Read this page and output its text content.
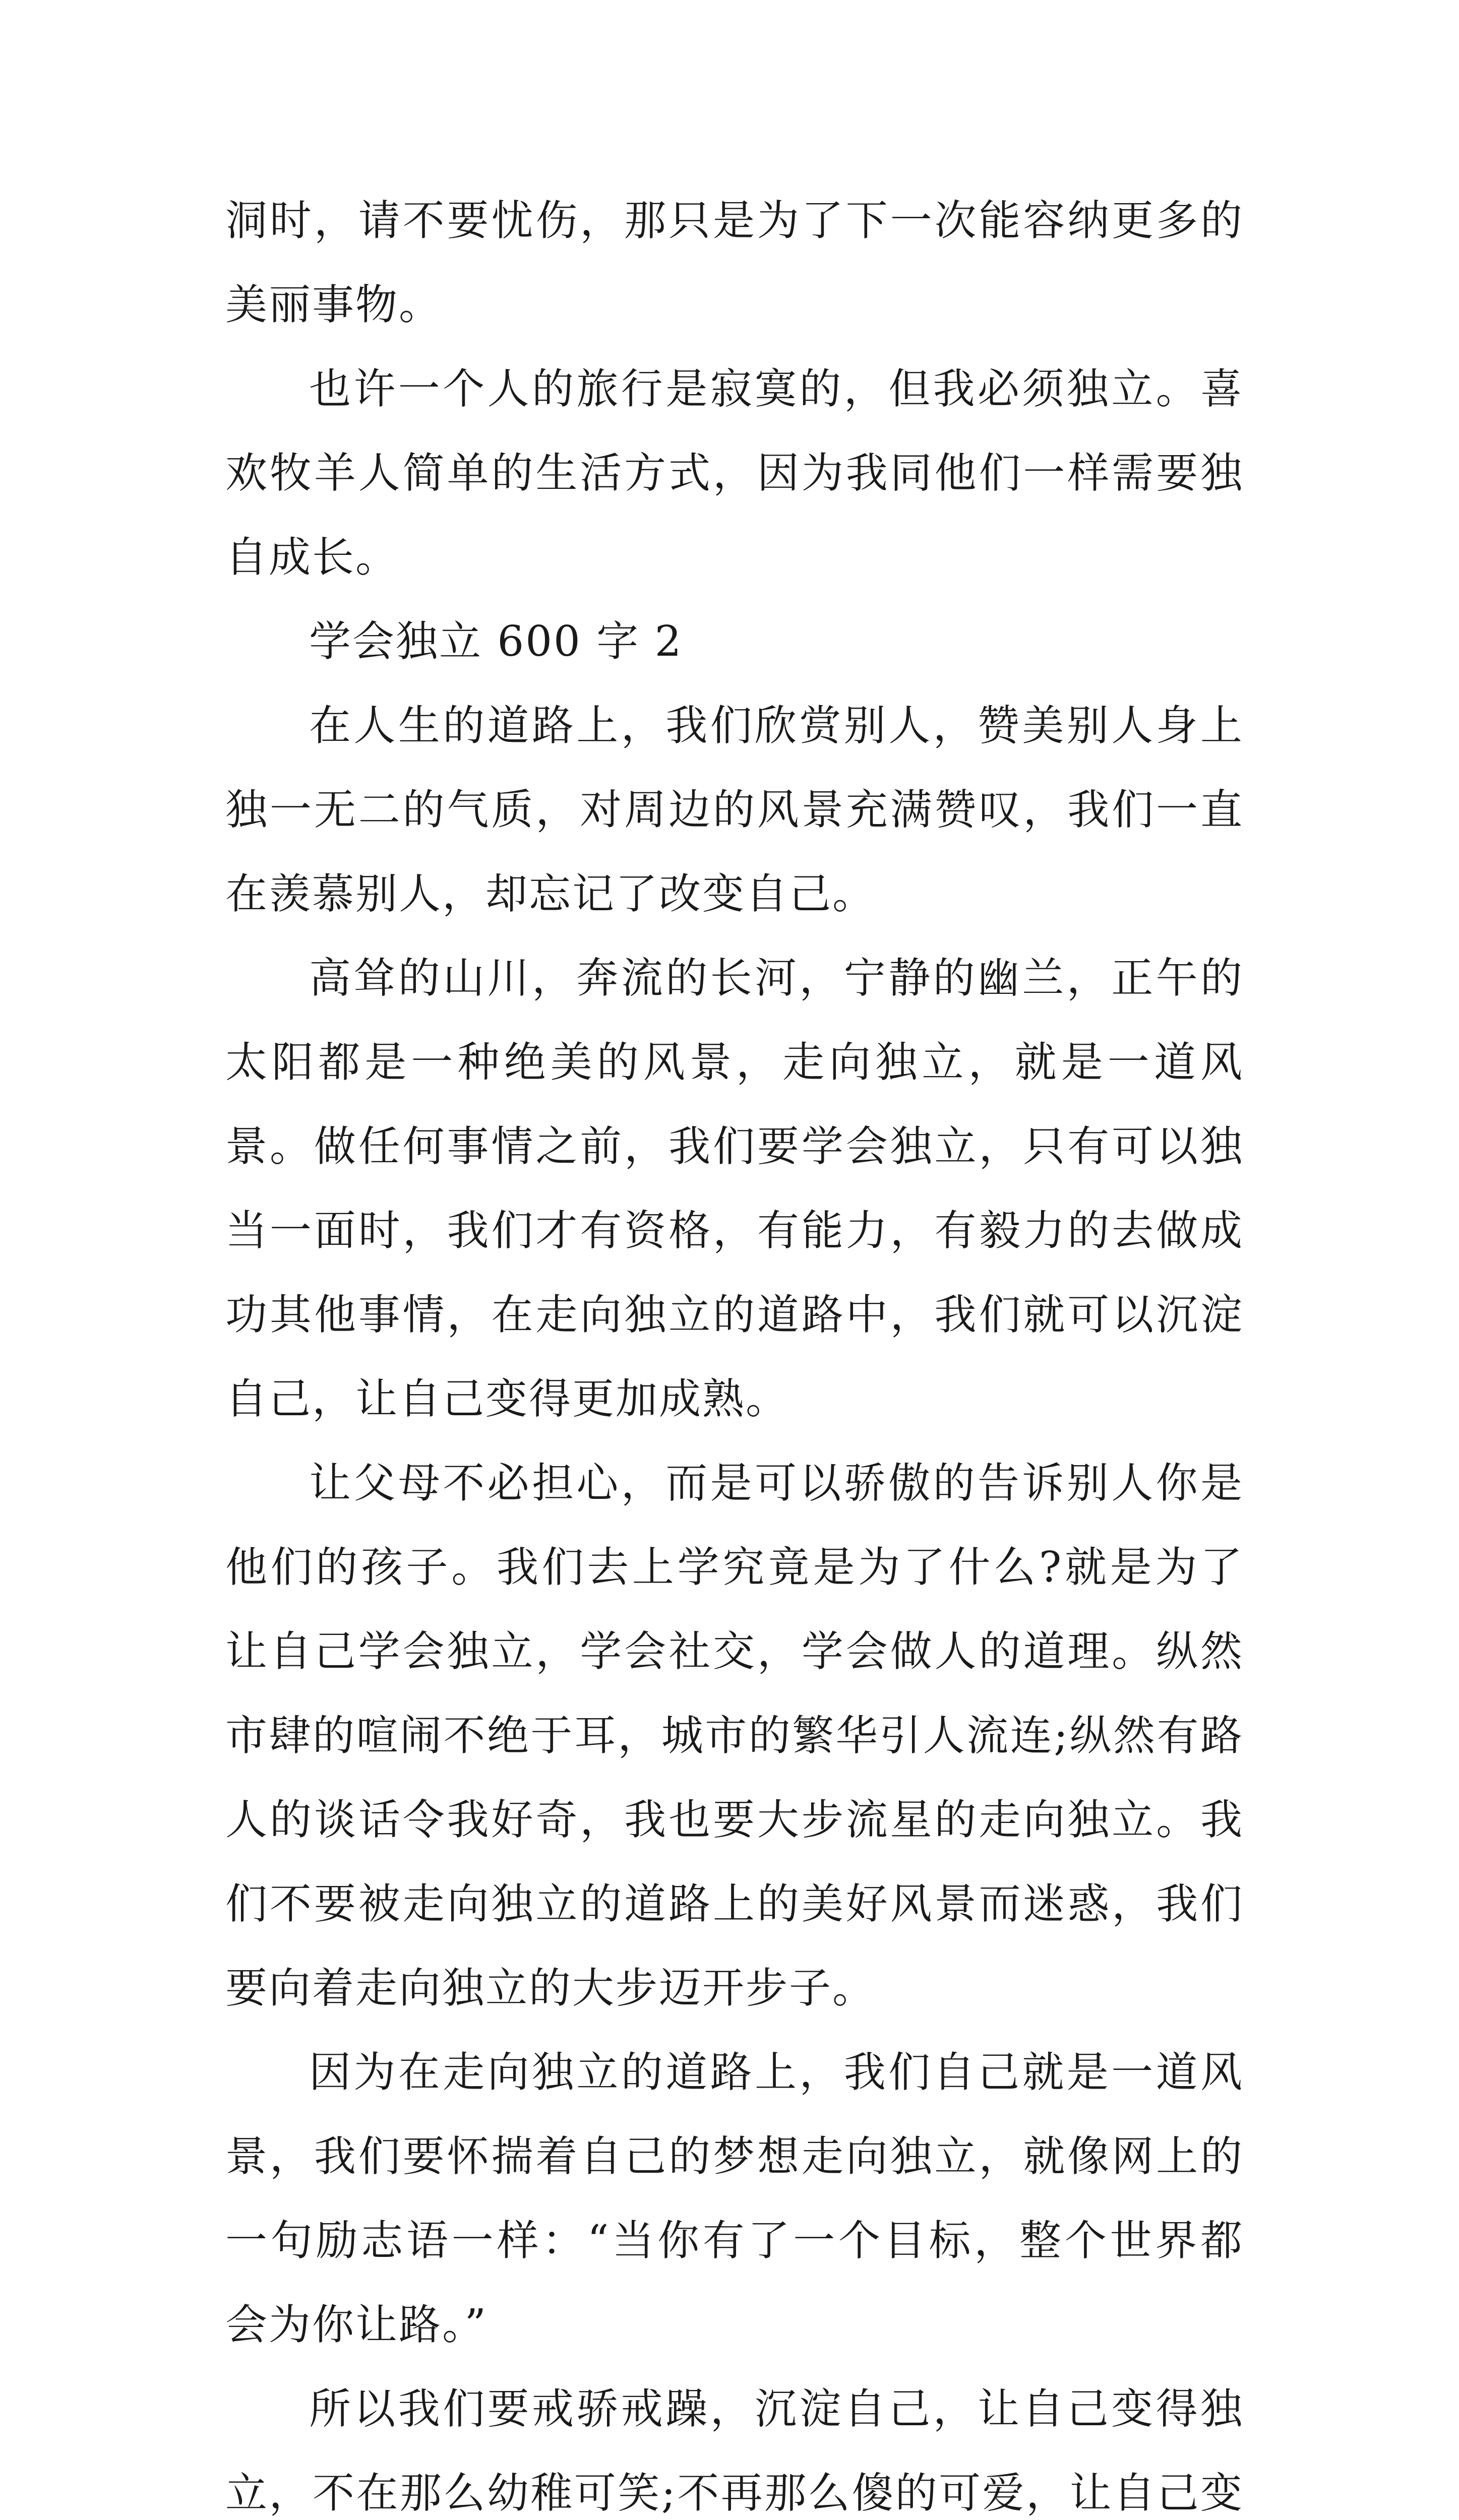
洞时，请不要忧伤，那只是为了下一次能容纳更多的美丽事物。

也许一个人的旅行是寂寞的，但我必须独立。喜欢牧羊人简单的生活方式，因为我同他们一样需要独自成长。

学会独立 600 字 2

在人生的道路上，我们欣赏别人，赞美别人身上独一无二的气质，对周边的风景充满赞叹，我们一直在羡慕别人，却忘记了改变自己。

高耸的山川，奔流的长河，宁静的幽兰，正午的太阳都是一种绝美的风景，走向独立，就是一道风景。做任何事情之前，我们要学会独立，只有可以独当一面时，我们才有资格，有能力，有毅力的去做成功其他事情，在走向独立的道路中，我们就可以沉淀自己，让自己变得更加成熟。

让父母不必担心，而是可以骄傲的告诉别人你是他们的孩子。我们去上学究竟是为了什么?就是为了让自己学会独立，学会社交，学会做人的道理。纵然市肆的喧闹不绝于耳，城市的繁华引人流连;纵然有路人的谈话令我好奇，我也要大步流星的走向独立。我们不要被走向独立的道路上的美好风景而迷惑，我们要向着走向独立的大步迈开步子。

因为在走向独立的道路上，我们自己就是一道风景，我们要怀揣着自己的梦想走向独立，就像网上的一句励志语一样：“当你有了一个目标，整个世界都会为你让路。”

所以我们要戒骄戒躁，沉淀自己，让自己变得独立，不在那么幼稚可笑;不再那么傻的可爱，让自己变
